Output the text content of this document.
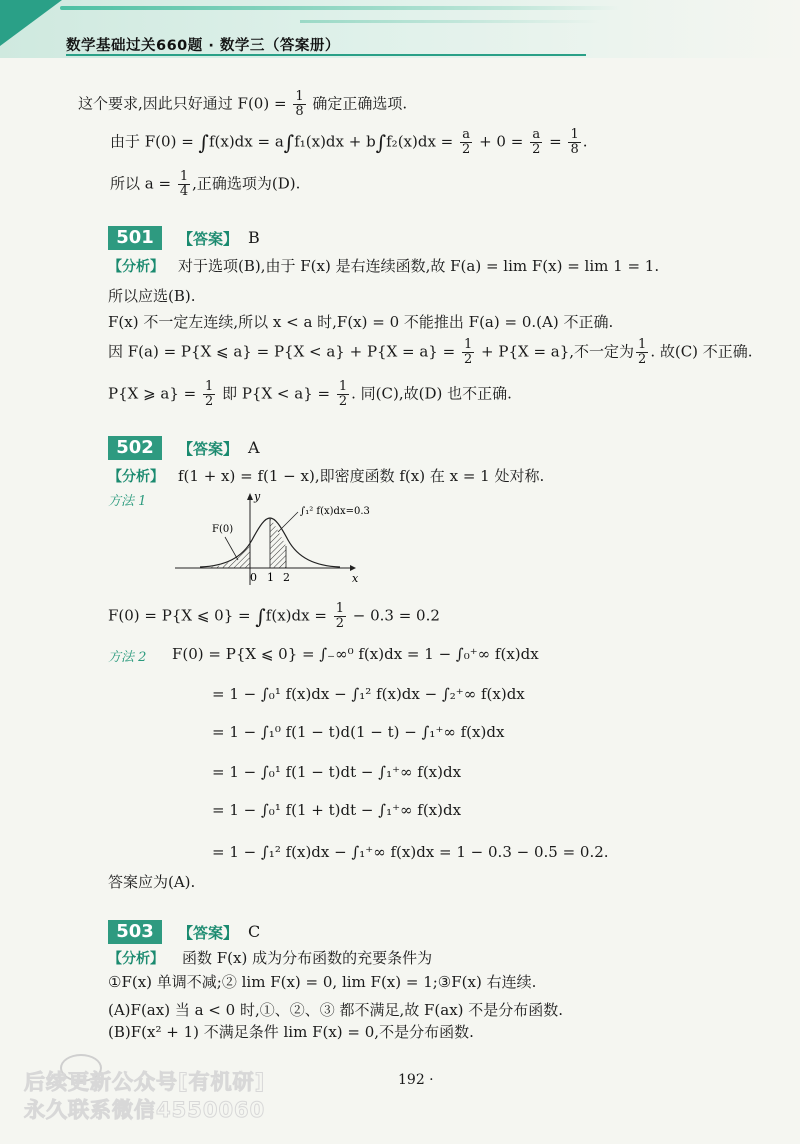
数学基础过关660题 · 数学三（答案册）
这个要求,因此只好通过 $F(0) = \frac{1}{8}$ 确定正确选项.
由于 $F(0) = \int f(x)dx = a\int f_1(x)dx + b\int f_2(x)dx = \frac{a}{2} + 0 = \frac{a}{2} = \frac{1}{8}$ .
所以 $a = \frac{1}{4}$ ,正确选项为(D).
501	【答案】 B
【分析】 对于选项(B),由于 F(x) 是右连续函数,故 F(a) = lim F(x) = lim 1 = 1.
所以应选(B).
F(x) 不一定左连续,所以 x < a 时,F(x) = 0 不能推出 F(a) = 0.(A) 不正确.
因 F(a) = P{X ⩽ $a\} = P\{X < a\} + P\{X = a\} = \frac{1}{2} + P\{X = a\}$,不一定为 $\frac{1}{2}$ . 故(C) 不正确.
P{X ⩾ $a\} = \frac{1}{2}$ 即 $P\{X < a\} = \frac{1}{2}$ . 同(C),故(D) 也不正确.
502	【答案】 A
【分析】 f(1 + x) = f(1 − x),即密度函数 f(x) 在 x = 1 处对称.
方法 1
F(0)
∫₁² f(x)dx=0.3
y
x
0 1 2
F(0) = P{X ⩽ $0\} = \int f(x)dx = \frac{1}{2} - 0.3 = 0.2$
方法 2 F(0) = P{X ⩽ 0} = ∫₋∞⁰ f(x)dx = 1 − ∫₀⁺∞ f(x)dx
= 1 − ∫₀¹ f(x)dx − ∫₁² f(x)dx − ∫₂⁺∞ f(x)dx
= 1 − ∫₁⁰ f(1 − t)d(1 − t) − ∫₁⁺∞ f(x)dx
= 1 − ∫₀¹ f(1 − t)dt − ∫₁⁺∞ f(x)dx
= 1 − ∫₀¹ f(1 + t)dt − ∫₁⁺∞ f(x)dx
= 1 − ∫₁² f(x)dx − ∫₁⁺∞ f(x)dx = 1 − 0.3 − 0.5 = 0.2.
答案应为(A).
503	【答案】 C
【分析】 函数 F(x) 成为分布函数的充要条件为
①F(x) 单调不减;② lim F(x) = 0, lim F(x) = 1;③F(x) 右连续.
(A)F(ax) 当 a < 0 时,①、②、③ 都不满足,故 F(ax) 不是分布函数.
(B)F(x² + 1) 不满足条件 lim F(x) = 0,不是分布函数.
后续更新公众号[有机研]
永久联系微信4550060
192 ·
